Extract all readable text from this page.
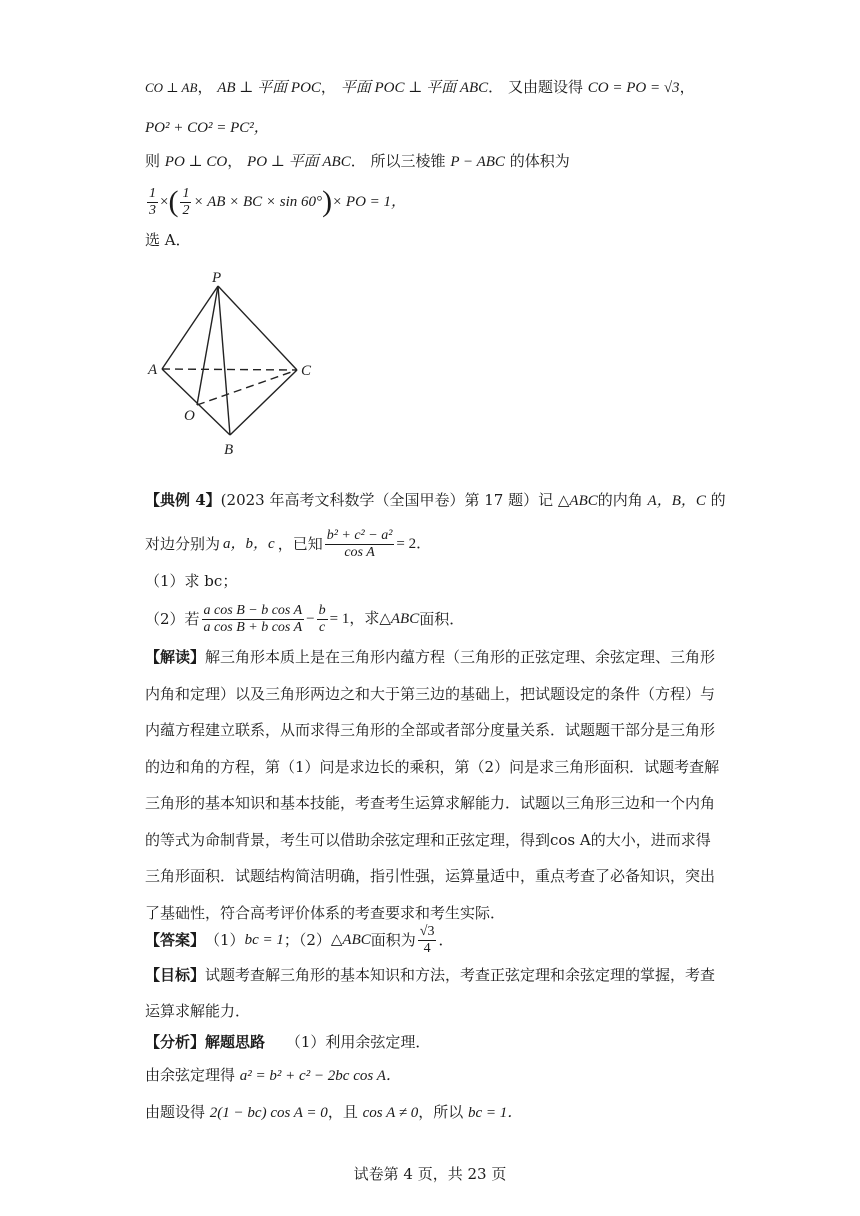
CO ⊥ AB， AB ⊥ 平面 POC， 平面 POC ⊥ 平面 ABC． 又由题设得 CO = PO = √3，
PO² + CO² = PC²，
则 PO ⊥ CO， PO ⊥ 平面 ABC． 所以三棱锥 P − ABC 的体积为
$\frac{1}{3}$ × ( $\frac{1}{2}$ × AB × BC × sin 60° ) × PO = 1，
选 A．
P
A	C
O
B
【典例 4】(2023 年高考文科数学（全国甲卷）第 17 题）记 △ABC的内角 A，B，C 的
对边分别为 a，b，c ，已知 $\frac{\text{b² + c² − a²}}{\text{cos A}} = 2$．
（1）求 bc；
（2）若 $\frac{\text{a cos B − b cos A}}{\text{a cos B + b cos A}} - \frac{b}{c} = 1$，求 △ABC 面积．
【解读】解三角形本质上是在三角形内蕴方程（三角形的正弦定理、余弦定理、三角形
内角和定理）以及三角形两边之和大于第三边的基础上，把试题设定的条件（方程）与
内蕴方程建立联系，从而求得三角形的全部或者部分度量关系．试题题干部分是三角形
的边和角的方程，第（1）问是求边长的乘积，第（2）问是求三角形面积．试题考查解
三角形的基本知识和基本技能，考查考生运算求解能力．试题以三角形三边和一个内角
的等式为命制背景，考生可以借助余弦定理和正弦定理，得到cos A的大小，进而求得
三角形面积．试题结构简洁明确，指引性强，运算量适中，重点考查了必备知识，突出
了基础性，符合高考评价体系的考查要求和考生实际．
【答案】 （1） bc = 1 ；（2） △ABC 面积为 $\frac{√3}{4}$ ．
【目标】试题考查解三角形的基本知识和方法，考查正弦定理和余弦定理的掌握，考查
运算求解能力．
【分析】解题思路 （1）利用余弦定理．
由余弦定理得 a² = b² + c² − 2bc cos A．
由题设得 2(1 − bc) cos A = 0，且 cos A ≠ 0，所以 bc = 1．
试卷第 4 页，共 23 页
